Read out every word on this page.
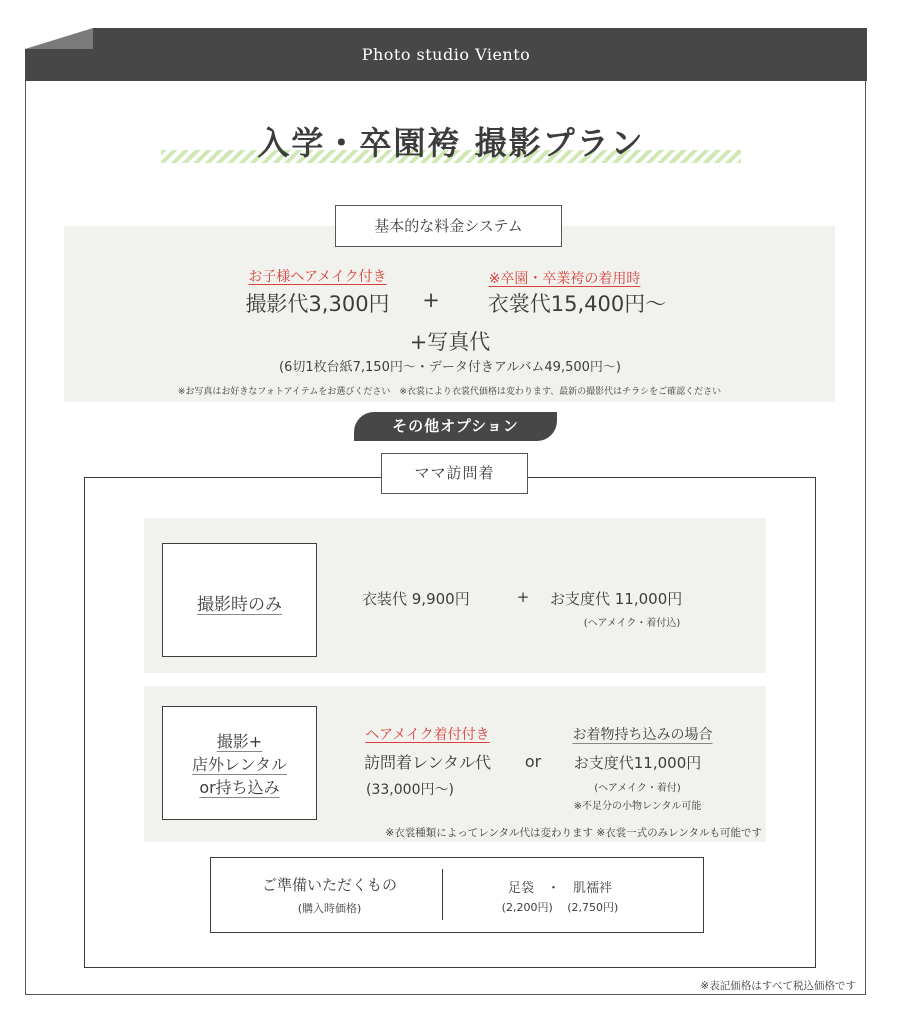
Photo studio Viento
入学・卒園袴 撮影プラン
基本的な料金システム
お子様ヘアメイク付き	※卒園・卒業袴の着用時
撮影代3,300円	+	衣裳代15,400円〜
+写真代
(6切1枚台紙7,150円〜・データ付きアルバム49,500円〜)
※お写真はお好きなフォトアイテムをお選びください　※衣裳により衣裳代価格は変わります、最新の撮影代はチラシをご確認ください
その他オプション
ママ訪問着
撮影時のみ	衣装代 9,900円	+	お支度代 11,000円
(ヘアメイク・着付込)
撮影+
店外レンタル
or持ち込み
ヘアメイク着付付き
訪問着レンタル代
(33,000円〜)
or
お着物持ち込みの場合
お支度代11,000円
(ヘアメイク・着付)
※不足分の小物レンタル可能
※衣裳種類によってレンタル代は変わります ※衣裳一式のみレンタルも可能です
ご準備いただくもの
(購入時価格)
足袋　・　肌襦袢
(2,200円)　 (2,750円)
※表記価格はすべて税込価格です
